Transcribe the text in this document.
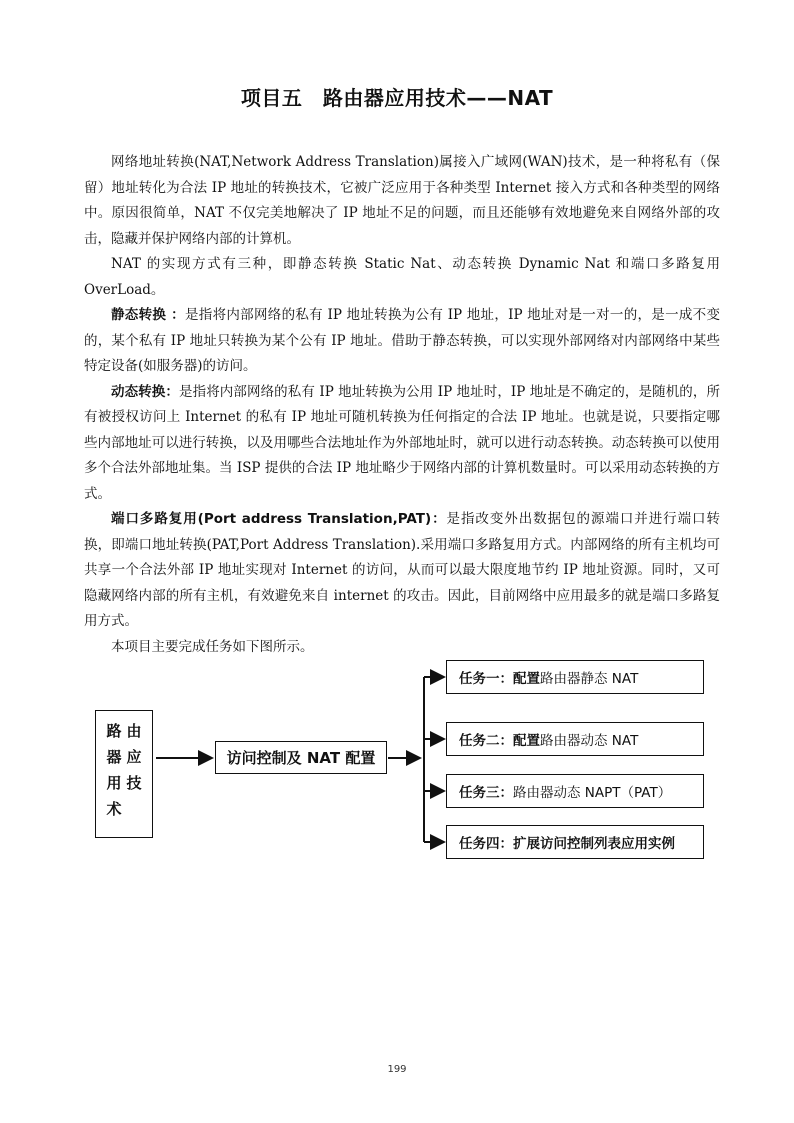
项目五　路由器应用技术——NAT

网络地址转换(NAT,Network Address Translation)属接入广域网(WAN)技术，是一种将私有（保留）地址转化为合法 IP 地址的转换技术，它被广泛应用于各种类型 Internet 接入方式和各种类型的网络中。原因很简单，NAT 不仅完美地解决了 IP 地址不足的问题，而且还能够有效地避免来自网络外部的攻击，隐藏并保护网络内部的计算机。

NAT 的实现方式有三种，即静态转换 Static Nat、动态转换 Dynamic Nat 和端口多路复用 OverLoad。

静态转换 ：是指将内部网络的私有 IP 地址转换为公有 IP 地址，IP 地址对是一对一的，是一成不变的，某个私有 IP 地址只转换为某个公有 IP 地址。借助于静态转换，可以实现外部网络对内部网络中某些特定设备(如服务器)的访问。

动态转换：是指将内部网络的私有 IP 地址转换为公用 IP 地址时，IP 地址是不确定的，是随机的，所有被授权访问上 Internet 的私有 IP 地址可随机转换为任何指定的合法 IP 地址。也就是说，只要指定哪些内部地址可以进行转换，以及用哪些合法地址作为外部地址时，就可以进行动态转换。动态转换可以使用多个合法外部地址集。当 ISP 提供的合法 IP 地址略少于网络内部的计算机数量时。可以采用动态转换的方式。

端口多路复用(Port address Translation,PAT)：是指改变外出数据包的源端口并进行端口转换，即端口地址转换(PAT,Port Address Translation).采用端口多路复用方式。内部网络的所有主机均可共享一个合法外部 IP 地址实现对 Internet 的访问，从而可以最大限度地节约 IP 地址资源。同时，又可隐藏网络内部的所有主机，有效避免来自 internet 的攻击。因此，目前网络中应用最多的就是端口多路复用方式。

本项目主要完成任务如下图所示。

路 由
器 应
用 技
术
访问控制及 NAT 配置
任务一： 配置 路由器静态 NAT
任务二： 配置 路由器动态 NAT
任务三： 路由器动态 NAPT（PAT）
任务四： 扩展访问控制列表应用实例
199
